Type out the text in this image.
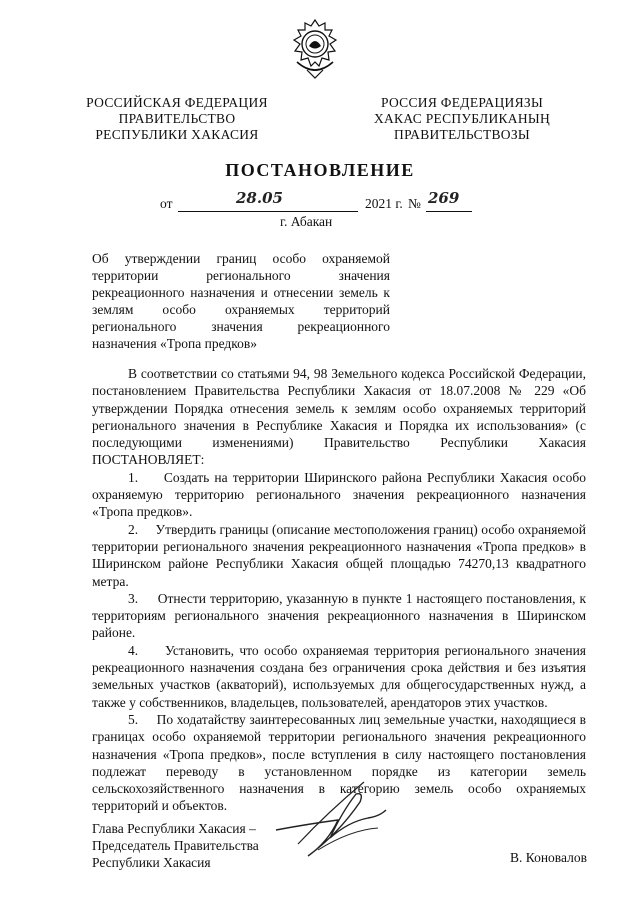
РОССИЙСКАЯ ФЕДЕРАЦИЯ
ПРАВИТЕЛЬСТВО
РЕСПУБЛИКИ ХАКАСИЯ
РОССИЯ ФЕДЕРАЦИЯЗЫ
ХАКАС РЕСПУБЛИКАНЫҢ
ПРАВИТЕЛЬСТВОЗЫ
ПОСТАНОВЛЕНИЕ
от	28.05	2021 г. № 269
г. Абакан
Об утверждении границ особо охраняемой территории регионального значения рекреационного назначения и отнесении земель к землям особо охраняемых территорий регионального значения рекреационного назначения «Тропа предков»

В соответствии со статьями 94, 98 Земельного кодекса Российской Федерации, постановлением Правительства Республики Хакасия от 18.07.2008 № 229 «Об утверждении Порядка отнесения земель к землям особо охраняемых территорий регионального значения в Республике Хакасия и Порядка их использования» (с последующими изменениями) Правительство Республики Хакасия ПОСТАНОВЛЯЕТ:

1. Создать на территории Ширинского района Республики Хакасия особо охраняемую территорию регионального значения рекреационного назначения «Тропа предков».

2. Утвердить границы (описание местоположения границ) особо охраняемой территории регионального значения рекреационного назначения «Тропа предков» в Ширинском районе Республики Хакасия общей площадью 74270,13 квадратного метра.

3. Отнести территорию, указанную в пункте 1 настоящего постановления, к территориям регионального значения рекреационного назначения в Ширинском районе.

4. Установить, что особо охраняемая территория регионального значения рекреационного назначения создана без ограничения срока действия и без изъятия земельных участков (акваторий), используемых для общегосударственных нужд, а также у собственников, владельцев, пользователей, арендаторов этих участков.

5. По ходатайству заинтересованных лиц земельные участки, находящиеся в границах особо охраняемой территории регионального значения рекреационного назначения «Тропа предков», после вступления в силу настоящего постановления подлежат переводу в установленном порядке из категории земель сельскохозяйственного назначения в категорию земель особо охраняемых территорий и объектов.

Глава Республики Хакасия –
Председатель Правительства
Республики Хакасия	В. Коновалов
